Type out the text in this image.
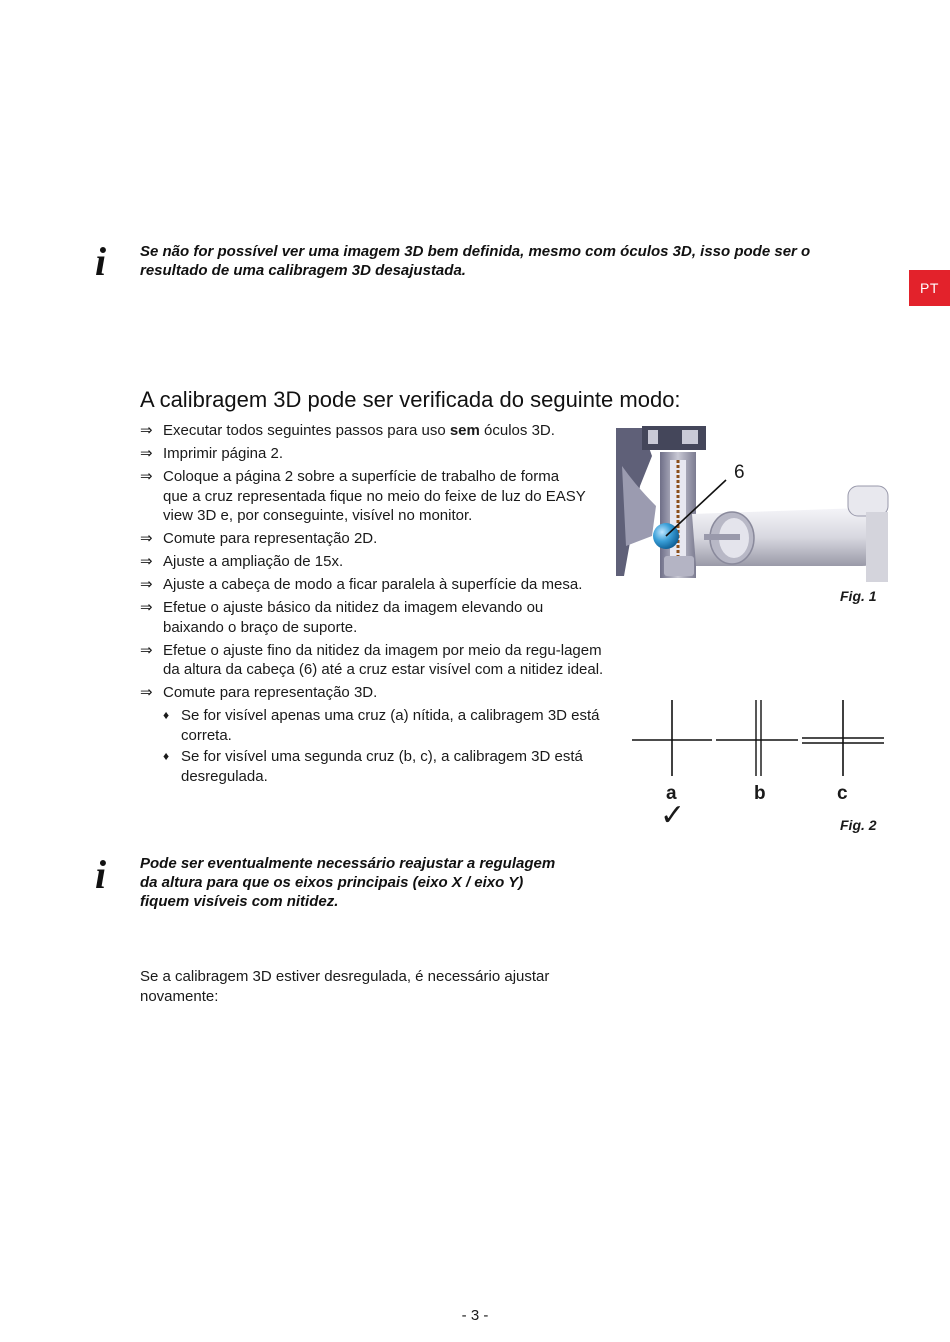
PT
i	Se não for possível ver uma imagem 3D bem definida, mesmo com óculos 3D, isso pode ser o resultado de uma calibragem 3D desajustada.
A calibragem 3D pode ser verificada do seguinte modo:
⇒ Executar todos seguintes passos para uso sem óculos 3D.
⇒ Imprimir página 2.
⇒ Coloque a página 2 sobre a superfície de trabalho de forma que a cruz representada fique no meio do feixe de luz do EASY view 3D e, por conseguinte, visível no monitor.
⇒ Comute para representação 2D.
⇒ Ajuste a ampliação de 15x.
⇒ Ajuste a cabeça de modo a ficar paralela à superfície da mesa.
⇒ Efetue o ajuste básico da nitidez da imagem elevando ou baixando o braço de suporte.
⇒ Efetue o ajuste fino da nitidez da imagem por meio da regu-lagem da altura da cabeça (6) até a cruz estar visível com a nitidez ideal.
⇒ Comute para representação 3D.
♦ Se for visível apenas uma cruz (a) nítida, a calibragem 3D está correta.
♦ Se for visível uma segunda cruz (b, c), a calibragem 3D está desregulada.
6
Fig. 1
a	b	c
✓	Fig. 2
i	Pode ser eventualmente necessário reajustar a regulagem
da altura para que os eixos principais (eixo X / eixo Y)
fiquem visíveis com nitidez.
Se a calibragem 3D estiver desregulada, é necessário ajustar novamente:
- 3 -
